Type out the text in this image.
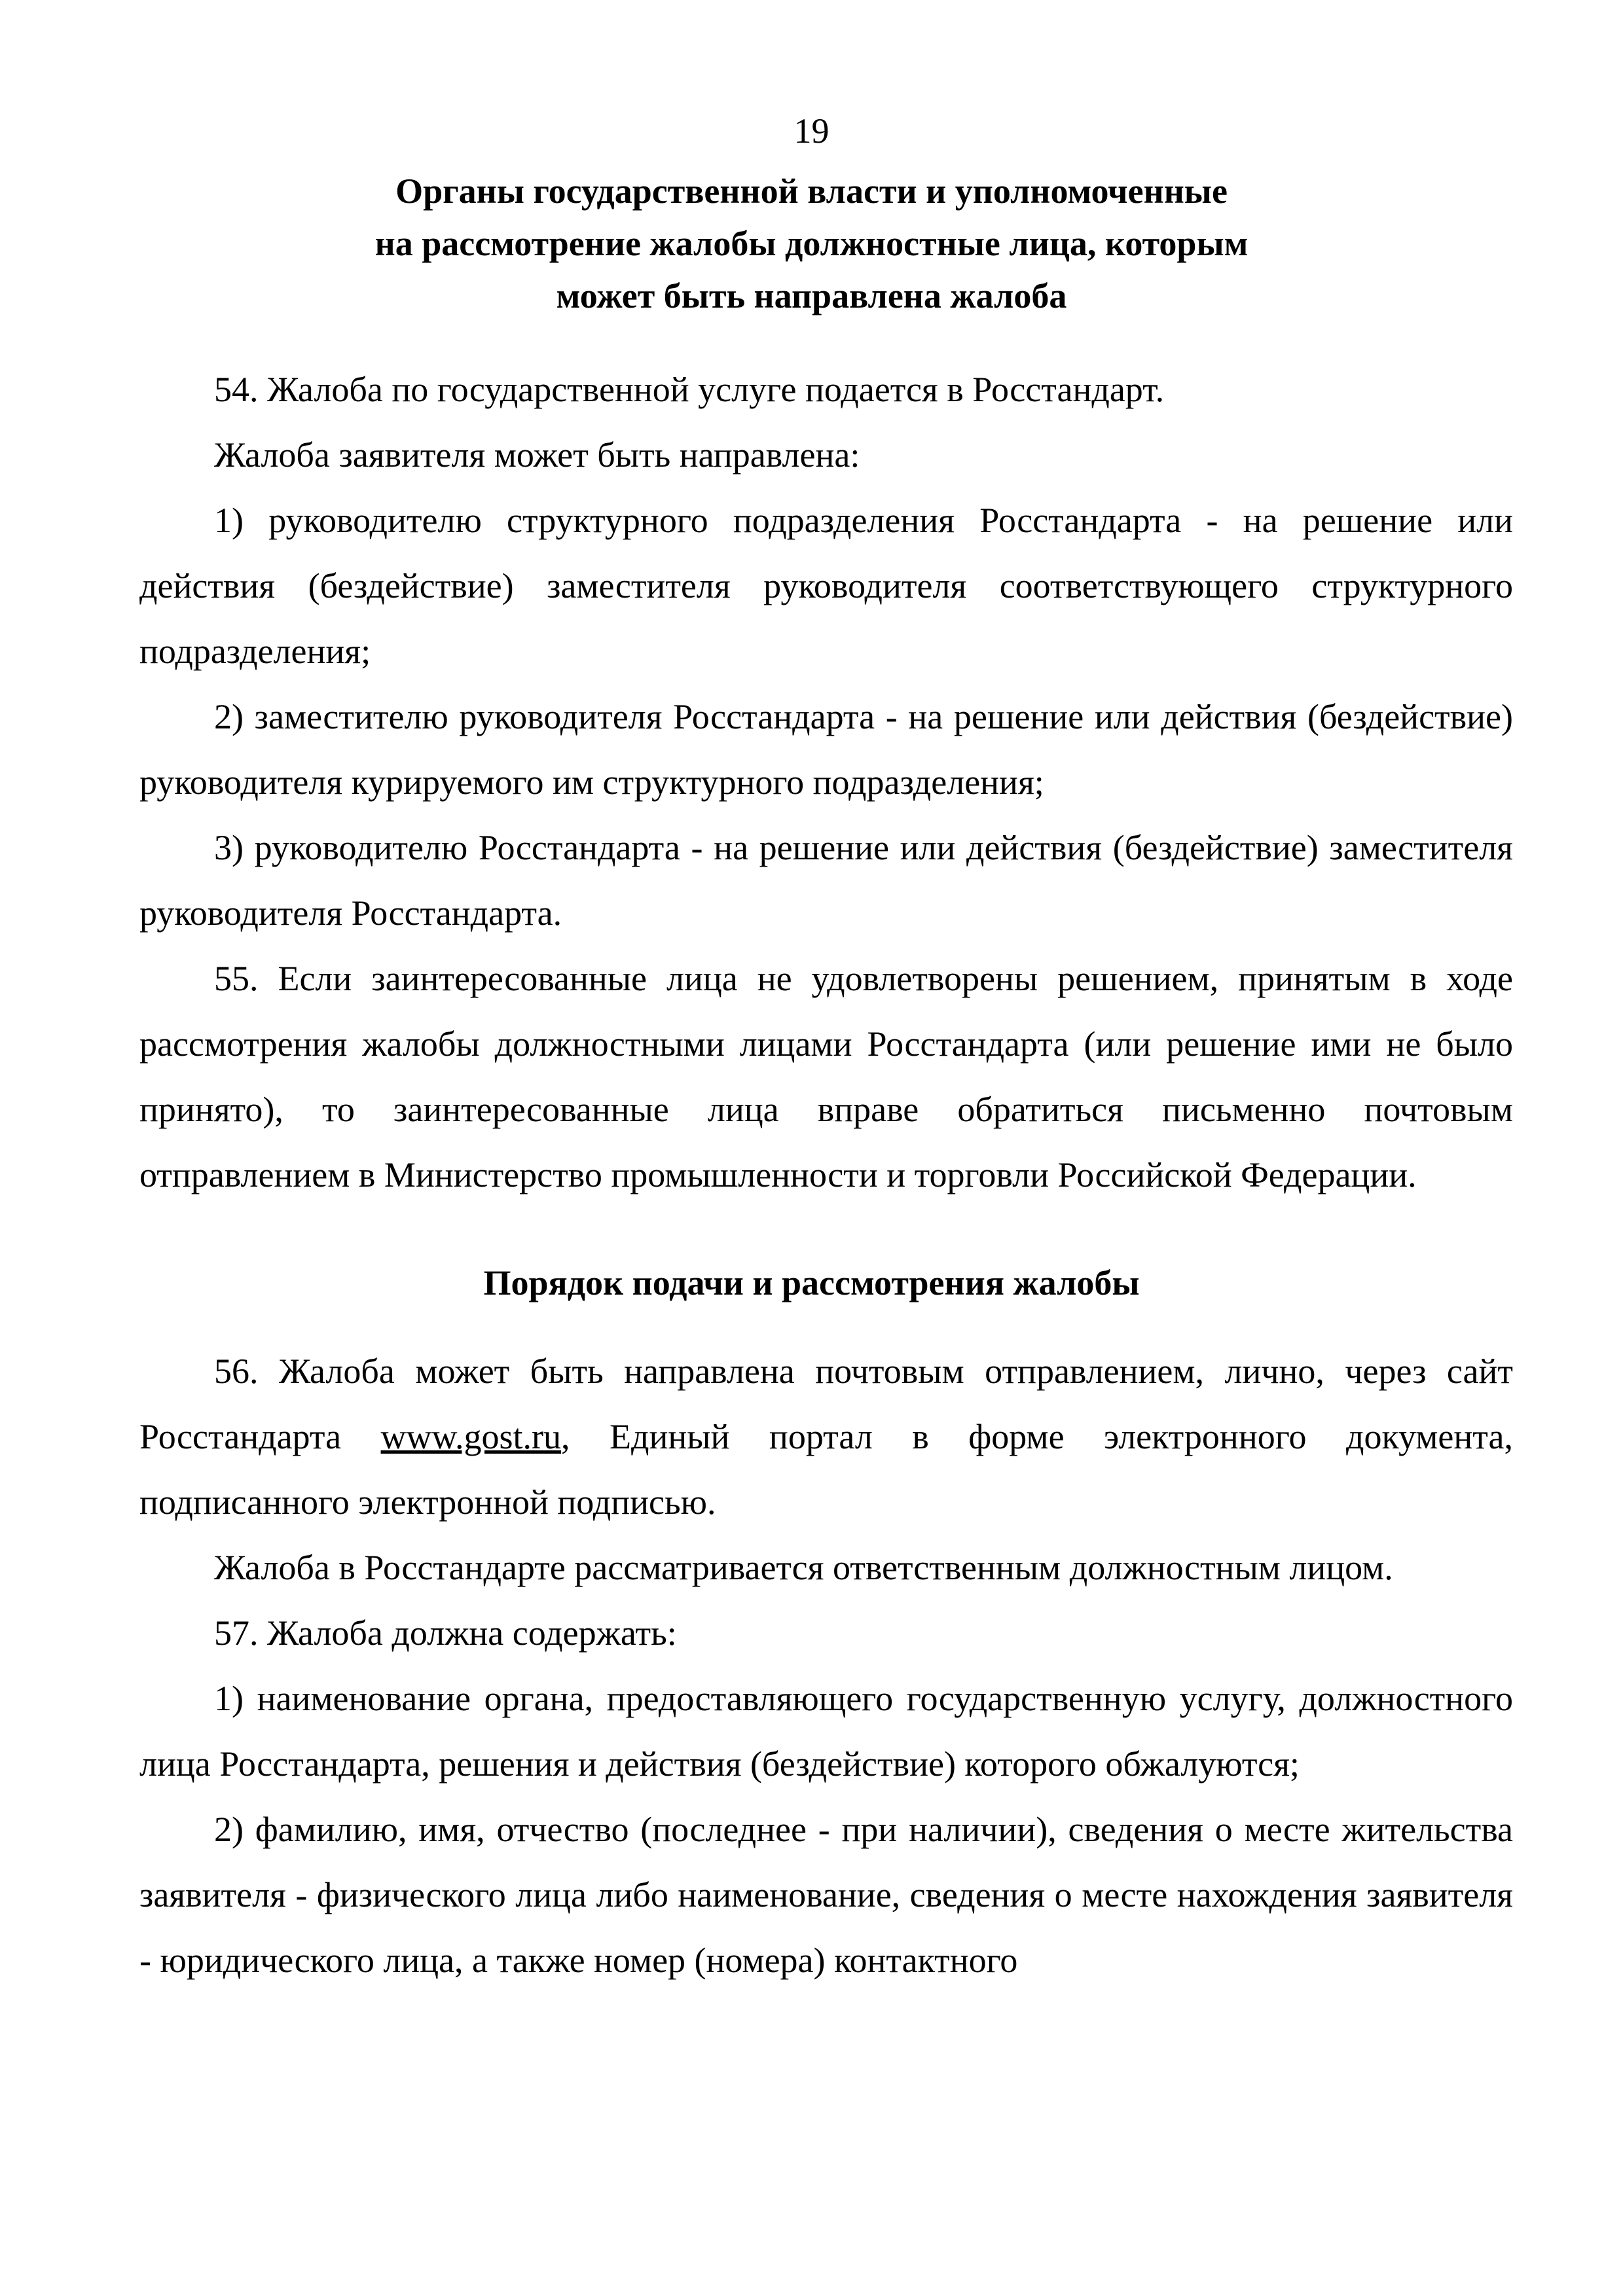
19
Органы государственной власти и уполномоченные
на рассмотрение жалобы должностные лица, которым
может быть направлена жалоба

54. Жалоба по государственной услуге подается в Росстандарт.

Жалоба заявителя может быть направлена:

1) руководителю структурного подразделения Росстандарта - на решение или действия (бездействие) заместителя руководителя соответствующего структурного подразделения;

2) заместителю руководителя Росстандарта - на решение или действия (бездействие) руководителя курируемого им структурного подразделения;

3) руководителю Росстандарта - на решение или действия (бездействие) заместителя руководителя Росстандарта.

55. Если заинтересованные лица не удовлетворены решением, принятым в ходе рассмотрения жалобы должностными лицами Росстандарта (или решение ими не было принято), то заинтересованные лица вправе обратиться письменно почтовым отправлением в Министерство промышленности и торговли Российской Федерации.

Порядок подачи и рассмотрения жалобы

56. Жалоба может быть направлена почтовым отправлением, лично, через сайт Росстандарта www.gost.ru, Единый портал в форме электронного документа, подписанного электронной подписью.

Жалоба в Росстандарте рассматривается ответственным должностным лицом.

57. Жалоба должна содержать:

1) наименование органа, предоставляющего государственную услугу, должностного лица Росстандарта, решения и действия (бездействие) которого обжалуются;

2) фамилию, имя, отчество (последнее - при наличии), сведения о месте жительства заявителя - физического лица либо наименование, сведения о месте нахождения заявителя - юридического лица, а также номер (номера) контактного
